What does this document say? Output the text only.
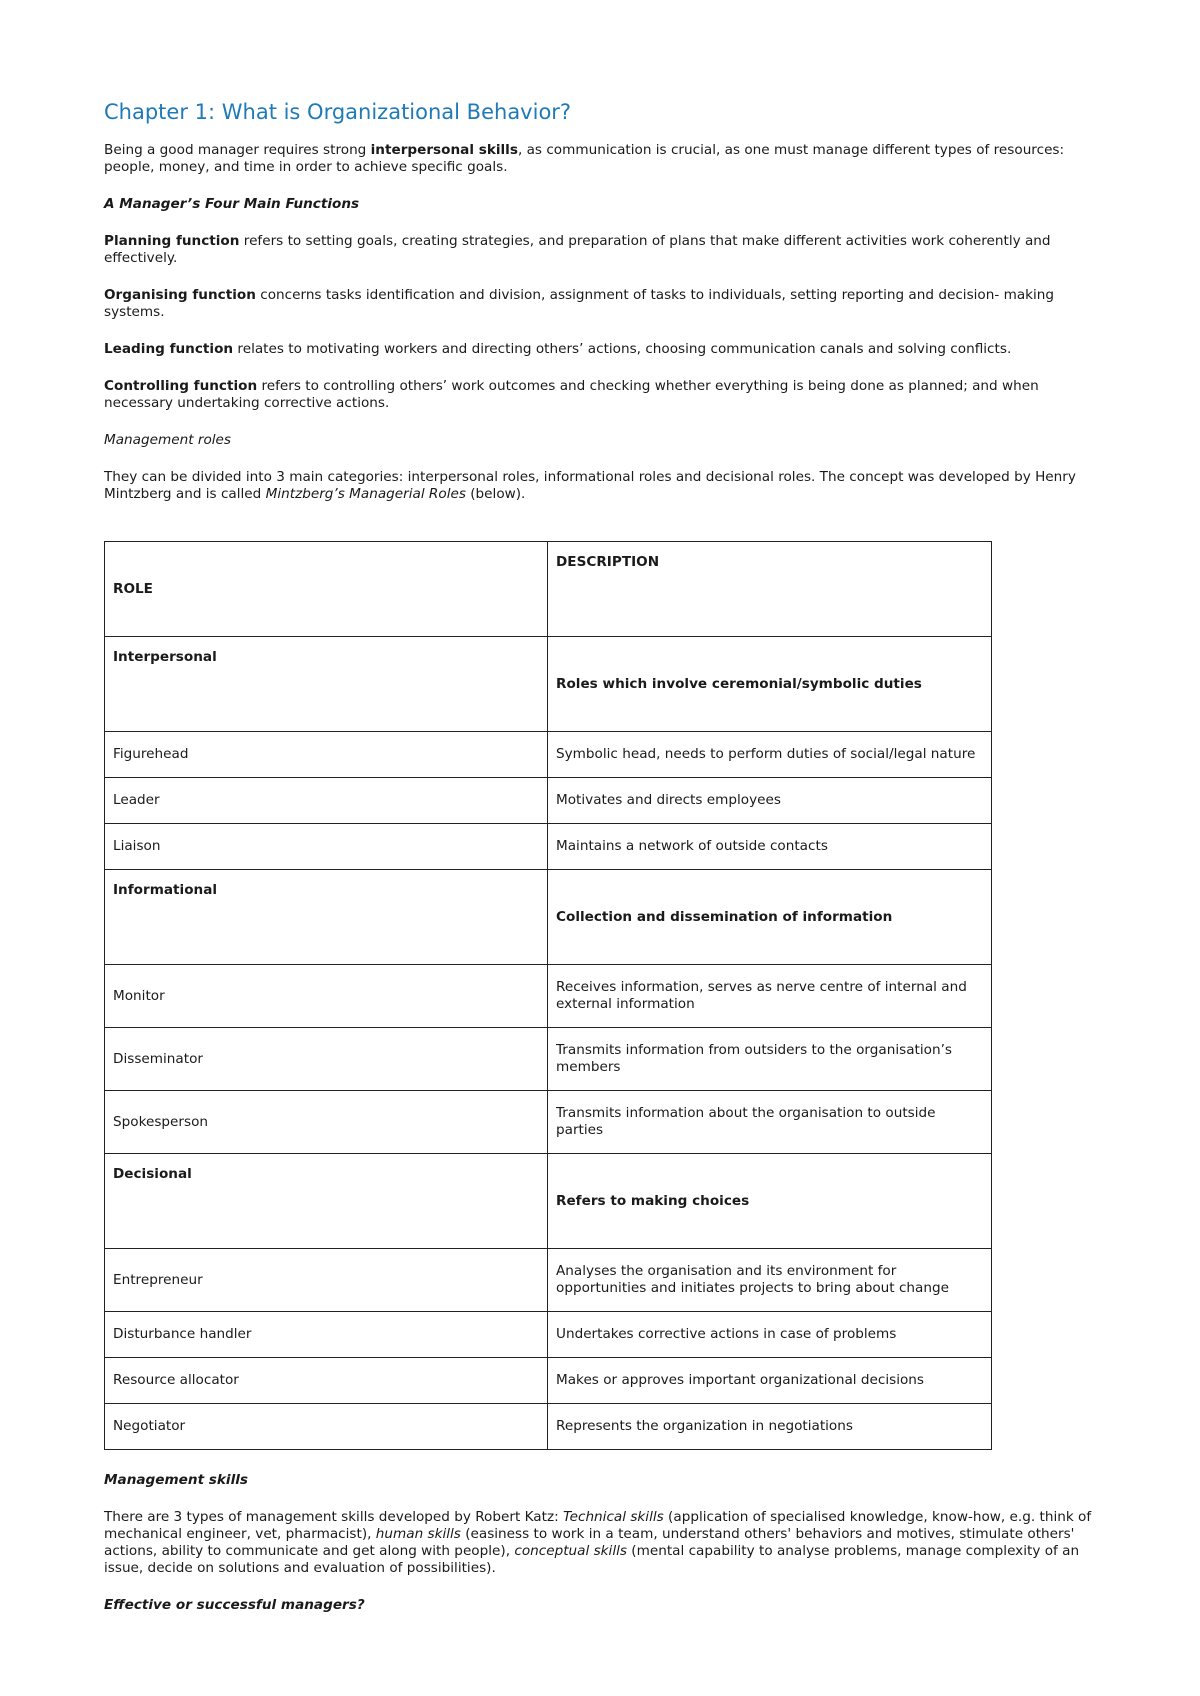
Chapter 1: What is Organizational Behavior?

Being a good manager requires strong interpersonal skills, as communication is crucial, as one must manage different types of resources: people, money, and time in order to achieve specific goals.

A Manager’s Four Main Functions

Planning function refers to setting goals, creating strategies, and preparation of plans that make different activities work coherently and effectively.

Organising function concerns tasks identification and division, assignment of tasks to individuals, setting reporting and decision- making systems.

Leading function relates to motivating workers and directing others’ actions, choosing communication canals and solving conflicts.

Controlling function refers to controlling others’ work outcomes and checking whether everything is being done as planned; and when necessary undertaking corrective actions.

Management roles

They can be divided into 3 main categories: interpersonal roles, informational roles and decisional roles. The concept was developed by Henry Mintzberg and is called Mintzberg’s Managerial Roles (below).

ROLE	DESCRIPTION
Interpersonal	Roles which involve ceremonial/symbolic duties
Figurehead	Symbolic head, needs to perform duties of social/legal nature
Leader	Motivates and directs employees
Liaison	Maintains a network of outside contacts
Informational	Collection and dissemination of information
Monitor	Receives information, serves as nerve centre of internal and external information
Disseminator	Transmits information from outsiders to the organisation’s members
Spokesperson	Transmits information about the organisation to outside parties
Decisional	Refers to making choices
Entrepreneur	Analyses the organisation and its environment for opportunities and initiates projects to bring about change
Disturbance handler	Undertakes corrective actions in case of problems
Resource allocator	Makes or approves important organizational decisions
Negotiator	Represents the organization in negotiations

Management skills

There are 3 types of management skills developed by Robert Katz: Technical skills (application of specialised knowledge, know-how, e.g. think of mechanical engineer, vet, pharmacist), human skills (easiness to work in a team, understand others' behaviors and motives, stimulate others' actions, ability to communicate and get along with people), conceptual skills (mental capability to analyse problems, manage complexity of an issue, decide on solutions and evaluation of possibilities).

Effective or successful managers?
